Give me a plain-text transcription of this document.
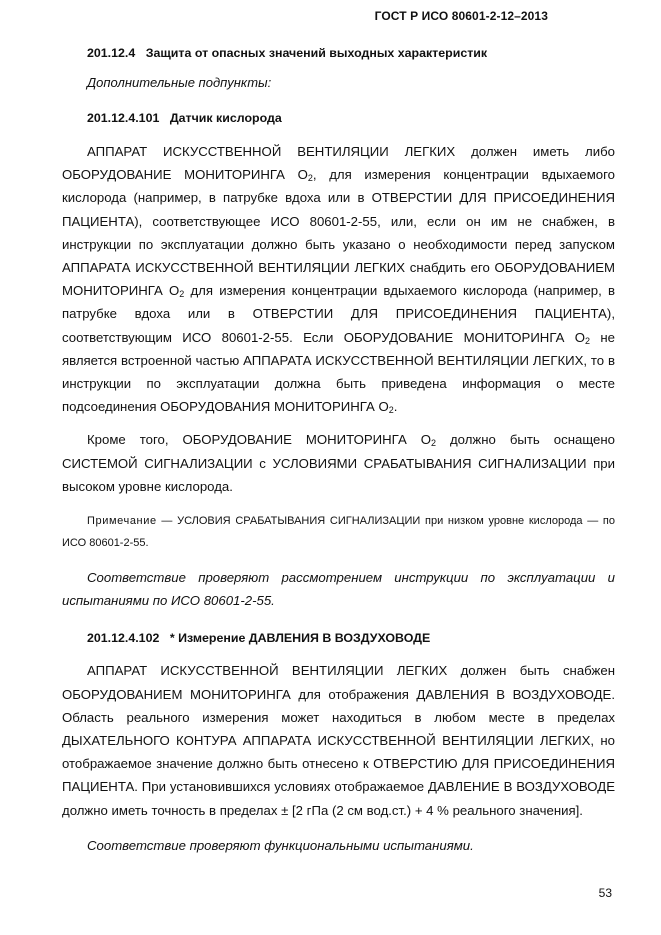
ГОСТ Р ИСО 80601-2-12–2013

201.12.4 Защита от опасных значений выходных характеристик

Дополнительные подпункты:

201.12.4.101 Датчик кислорода

АППАРАТ ИСКУССТВЕННОЙ ВЕНТИЛЯЦИИ ЛЕГКИХ должен иметь либо ОБОРУДОВАНИЕ МОНИТОРИНГА $O_2$, для измерения концентрации вдыхаемого кислорода (например, в патрубке вдоха или в ОТВЕРСТИИ ДЛЯ ПРИСОЕДИНЕНИЯ ПАЦИЕНТА), соответствующее ИСО 80601-2-55, или, если он им не снабжен, в инструкции по эксплуатации должно быть указано о необходимости перед запуском АППАРАТА ИСКУССТВЕННОЙ ВЕНТИЛЯЦИИ ЛЕГКИХ снабдить его ОБОРУДОВАНИЕМ МОНИТОРИНГА $O_2$ для измерения концентрации вдыхаемого кислорода (например, в патрубке вдоха или в ОТВЕРСТИИ ДЛЯ ПРИСОЕДИНЕНИЯ ПАЦИЕНТА), соответствующим ИСО 80601-2-55. Если ОБОРУДОВАНИЕ МОНИТОРИНГА $O_2$ не является встроенной частью АППАРАТА ИСКУССТВЕННОЙ ВЕНТИЛЯЦИИ ЛЕГКИХ, то в инструкции по эксплуатации должна быть приведена информация о месте подсоединения ОБОРУДОВАНИЯ МОНИТОРИНГА $O_2$.

Кроме того, ОБОРУДОВАНИЕ МОНИТОРИНГА $O_2$ должно быть оснащено СИСТЕМОЙ СИГНАЛИЗАЦИИ с УСЛОВИЯМИ СРАБАТЫВАНИЯ СИГНАЛИЗАЦИИ при высоком уровне кислорода.

Примечание — УСЛОВИЯ СРАБАТЫВАНИЯ СИГНАЛИЗАЦИИ при низком уровне кислорода — по ИСО 80601-2-55.

Соответствие проверяют рассмотрением инструкции по эксплуатации и испытаниями по ИСО 80601-2-55.

201.12.4.102 * Измерение ДАВЛЕНИЯ В ВОЗДУХОВОДЕ

АППАРАТ ИСКУССТВЕННОЙ ВЕНТИЛЯЦИИ ЛЕГКИХ должен быть снабжен ОБОРУДОВАНИЕМ МОНИТОРИНГА для отображения ДАВЛЕНИЯ В ВОЗДУХОВОДЕ. Область реального измерения может находиться в любом месте в пределах ДЫХАТЕЛЬНОГО КОНТУРА АППАРАТА ИСКУССТВЕННОЙ ВЕНТИЛЯЦИИ ЛЕГКИХ, но отображаемое значение должно быть отнесено к ОТВЕРСТИЮ ДЛЯ ПРИСОЕДИНЕНИЯ ПАЦИЕНТА. При установившихся условиях отображаемое ДАВЛЕНИЕ В ВОЗДУХОВОДЕ должно иметь точность в пределах ± [2 гПа (2 см вод.ст.) + 4 % реального значения].

Соответствие проверяют функциональными испытаниями.

53
